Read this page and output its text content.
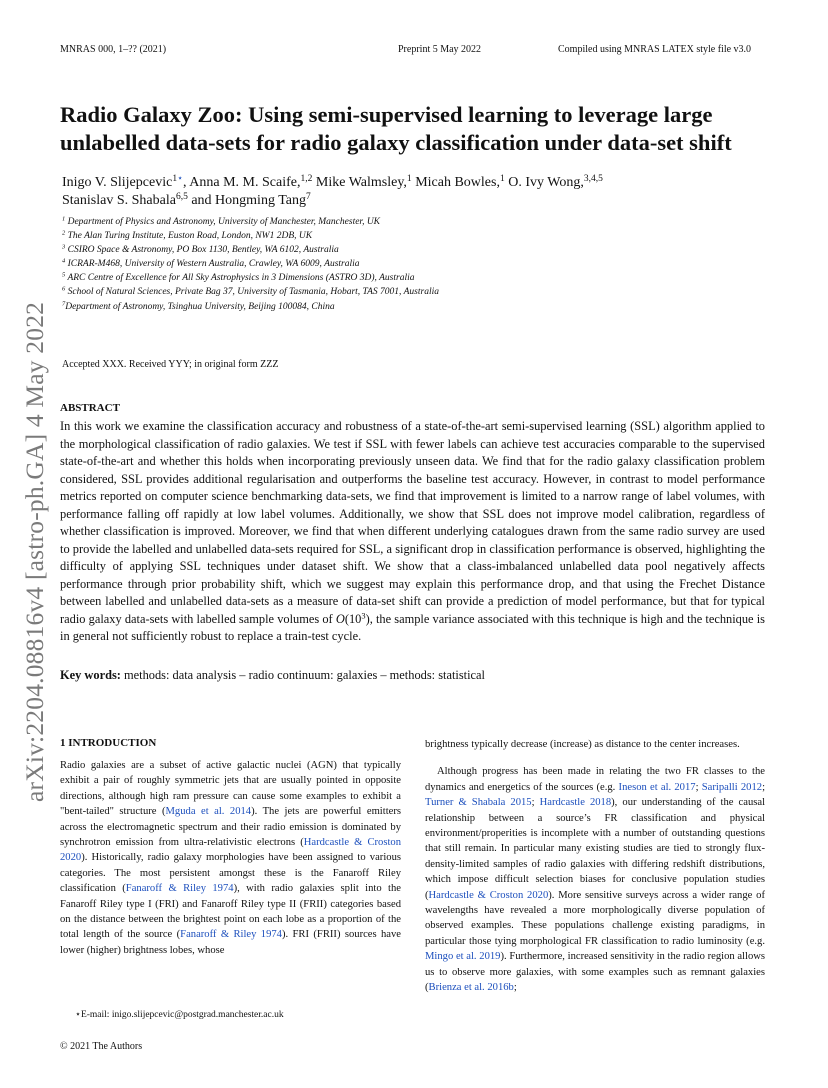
MNRAS 000, 1–?? (2021)	Preprint 5 May 2022	Compiled using MNRAS LATEX style file v3.0
arXiv:2204.08816v4 [astro-ph.GA] 4 May 2022
Radio Galaxy Zoo: Using semi-supervised learning to leverage large unlabelled data-sets for radio galaxy classification under data-set shift
Inigo V. Slijepcevic$^{1⋆}$, Anna M. M. Scaife,$^{1,2}$ Mike Walmsley,$^1$ Micah Bowles,$^1$ O. Ivy Wong,$^{3,4,5}$
Stanislav S. Shabala$^{6,5}$ and Hongming Tang$^7$
$^1$ Department of Physics and Astronomy, University of Manchester, Manchester, UK
$^2$ The Alan Turing Institute, Euston Road, London, NW1 2DB, UK
$^3$ CSIRO Space & Astronomy, PO Box 1130, Bentley, WA 6102, Australia
$^4$ ICRAR-M468, University of Western Australia, Crawley, WA 6009, Australia
$^5$ ARC Centre of Excellence for All Sky Astrophysics in 3 Dimensions (ASTRO 3D), Australia
$^6$ School of Natural Sciences, Private Bag 37, University of Tasmania, Hobart, TAS 7001, Australia
$^7$Department of Astronomy, Tsinghua University, Beijing 100084, China
Accepted XXX. Received YYY; in original form ZZZ
ABSTRACT
In this work we examine the classification accuracy and robustness of a state-of-the-art semi-supervised learning (SSL) algorithm applied to the morphological classification of radio galaxies. We test if SSL with fewer labels can achieve test accuracies comparable to the supervised state-of-the-art and whether this holds when incorporating previously unseen data. We find that for the radio galaxy classification problem considered, SSL provides additional regularisation and outperforms the baseline test accuracy. However, in contrast to model performance metrics reported on computer science benchmarking data-sets, we find that improvement is limited to a narrow range of label volumes, with performance falling off rapidly at low label volumes. Additionally, we show that SSL does not improve model calibration, regardless of whether classification is improved. Moreover, we find that when different underlying catalogues drawn from the same radio survey are used to provide the labelled and unlabelled data-sets required for SSL, a significant drop in classification performance is observed, highlighting the difficulty of applying SSL techniques under dataset shift. We show that a class-imbalanced unlabelled data pool negatively affects performance through prior probability shift, which we suggest may explain this performance drop, and that using the Frechet Distance between labelled and unlabelled data-sets as a measure of data-set shift can provide a prediction of model performance, but that for typical radio galaxy data-sets with labelled sample volumes of $O(10^3)$, the sample variance associated with this technique is high and the technique is in general not sufficiently robust to replace a train-test cycle.
Key words: methods: data analysis – radio continuum: galaxies – methods: statistical
1 INTRODUCTION

Radio galaxies are a subset of active galactic nuclei (AGN) that typically exhibit a pair of roughly symmetric jets that are usually pointed in opposite directions, although high ram pressure can cause some examples to exhibit a "bent-tailed" structure (Mguda et al. 2014). The jets are powerful emitters across the electromagnetic spectrum and their radio emission is dominated by synchrotron emission from ultra-relativistic electrons (Hardcastle & Croston 2020). Historically, radio galaxy morphologies have been assigned to various categories. The most persistent amongst these is the Fanaroff Riley classification (Fanaroff & Riley 1974), with radio galaxies split into the Fanaroff Riley type I (FRI) and Fanaroff Riley type II (FRII) categories based on the distance between the brightest point on each lobe as a proportion of the total length of the source (Fanaroff & Riley 1974). FRI (FRII) sources have lower (higher) brightness lobes, whose

brightness typically decrease (increase) as distance to the center increases.

Although progress has been made in relating the two FR classes to the dynamics and energetics of the sources (e.g. Ineson et al. 2017; Saripalli 2012; Turner & Shabala 2015; Hardcastle 2018), our understanding of the causal relationship between a source’s FR classification and physical environment/properities is incomplete with a number of outstanding questions that still remain. In particular many existing studies are tied to strongly flux-density-limited samples of radio galaxies with differing redshift distributions, which impose difficult selection biases for conclusive population studies (Hardcastle & Croston 2020). More sensitive surveys across a wider range of wavelengths have revealed a more morphologically diverse population of observed examples. These populations challenge existing paradigms, in particular those tying morphological FR classification to radio luminosity (e.g. Mingo et al. 2019). Furthermore, increased sensitivity in the radio region allows us to observe more galaxies, with some examples such as remnant galaxies (Brienza et al. 2016b;

⋆E-mail: inigo.slijepcevic@postgrad.manchester.ac.uk
© 2021 The Authors
